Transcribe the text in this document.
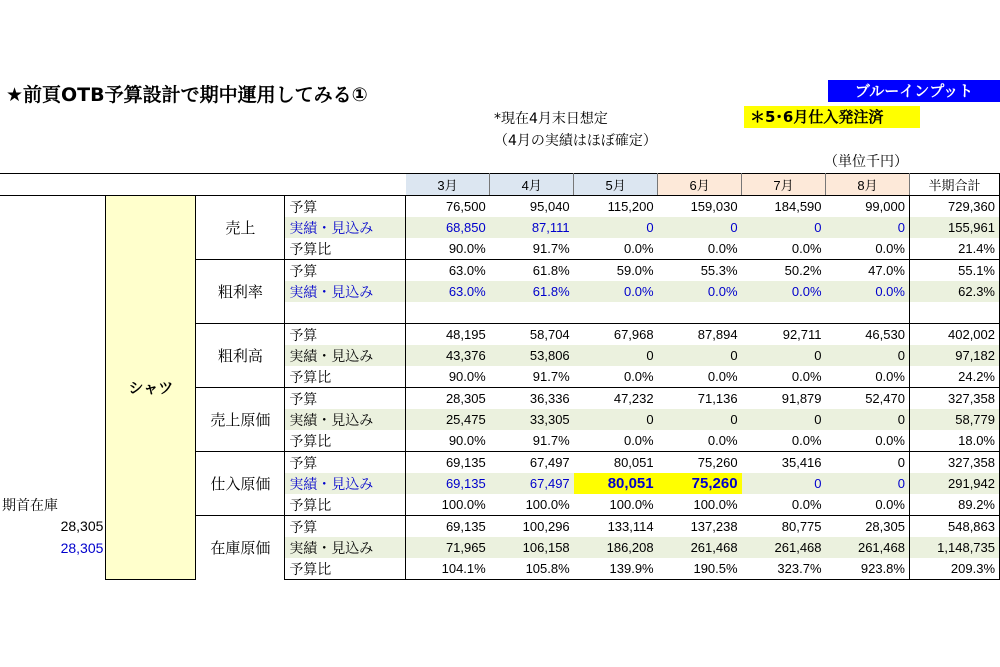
★前頁OTB予算設計で期中運用してみる①
*現在4月末日想定
（4月の実績はほぼ確定）
（単位千円）
ブルーインプット
＊5･6月仕入発注済
				3月	4月	5月	6月	7月	8月	半期合計
	シャツ	売上	予算	76,500	95,040	115,200	159,030	184,590	99,000	729,360
			実績・見込み	68,850	87,111	0	0	0	0	155,961
			予算比	90.0%	91.7%	0.0%	0.0%	0.0%	0.0%	21.4%
		粗利率	予算	63.0%	61.8%	59.0%	55.3%	50.2%	47.0%	55.1%
			実績・見込み	63.0%	61.8%	0.0%	0.0%	0.0%	0.0%	62.3%

		粗利高	予算	48,195	58,704	67,968	87,894	92,711	46,530	402,002
			実績・見込み	43,376	53,806	0	0	0	0	97,182
			予算比	90.0%	91.7%	0.0%	0.0%	0.0%	0.0%	24.2%
		売上原価	予算	28,305	36,336	47,232	71,136	91,879	52,470	327,358
			実績・見込み	25,475	33,305	0	0	0	0	58,779
			予算比	90.0%	91.7%	0.0%	0.0%	0.0%	0.0%	18.0%
		仕入原価	予算	69,135	67,497	80,051	75,260	35,416	0	327,358
			実績・見込み	69,135	67,497	80,051	75,260	0	0	291,942
期首在庫			予算比	100.0%	100.0%	100.0%	100.0%	0.0%	0.0%	89.2%
28,305		在庫原価	予算	69,135	100,296	133,114	137,238	80,775	28,305	548,863
28,305			実績・見込み	71,965	106,158	186,208	261,468	261,468	261,468	1,148,735
			予算比	104.1%	105.8%	139.9%	190.5%	323.7%	923.8%	209.3%
